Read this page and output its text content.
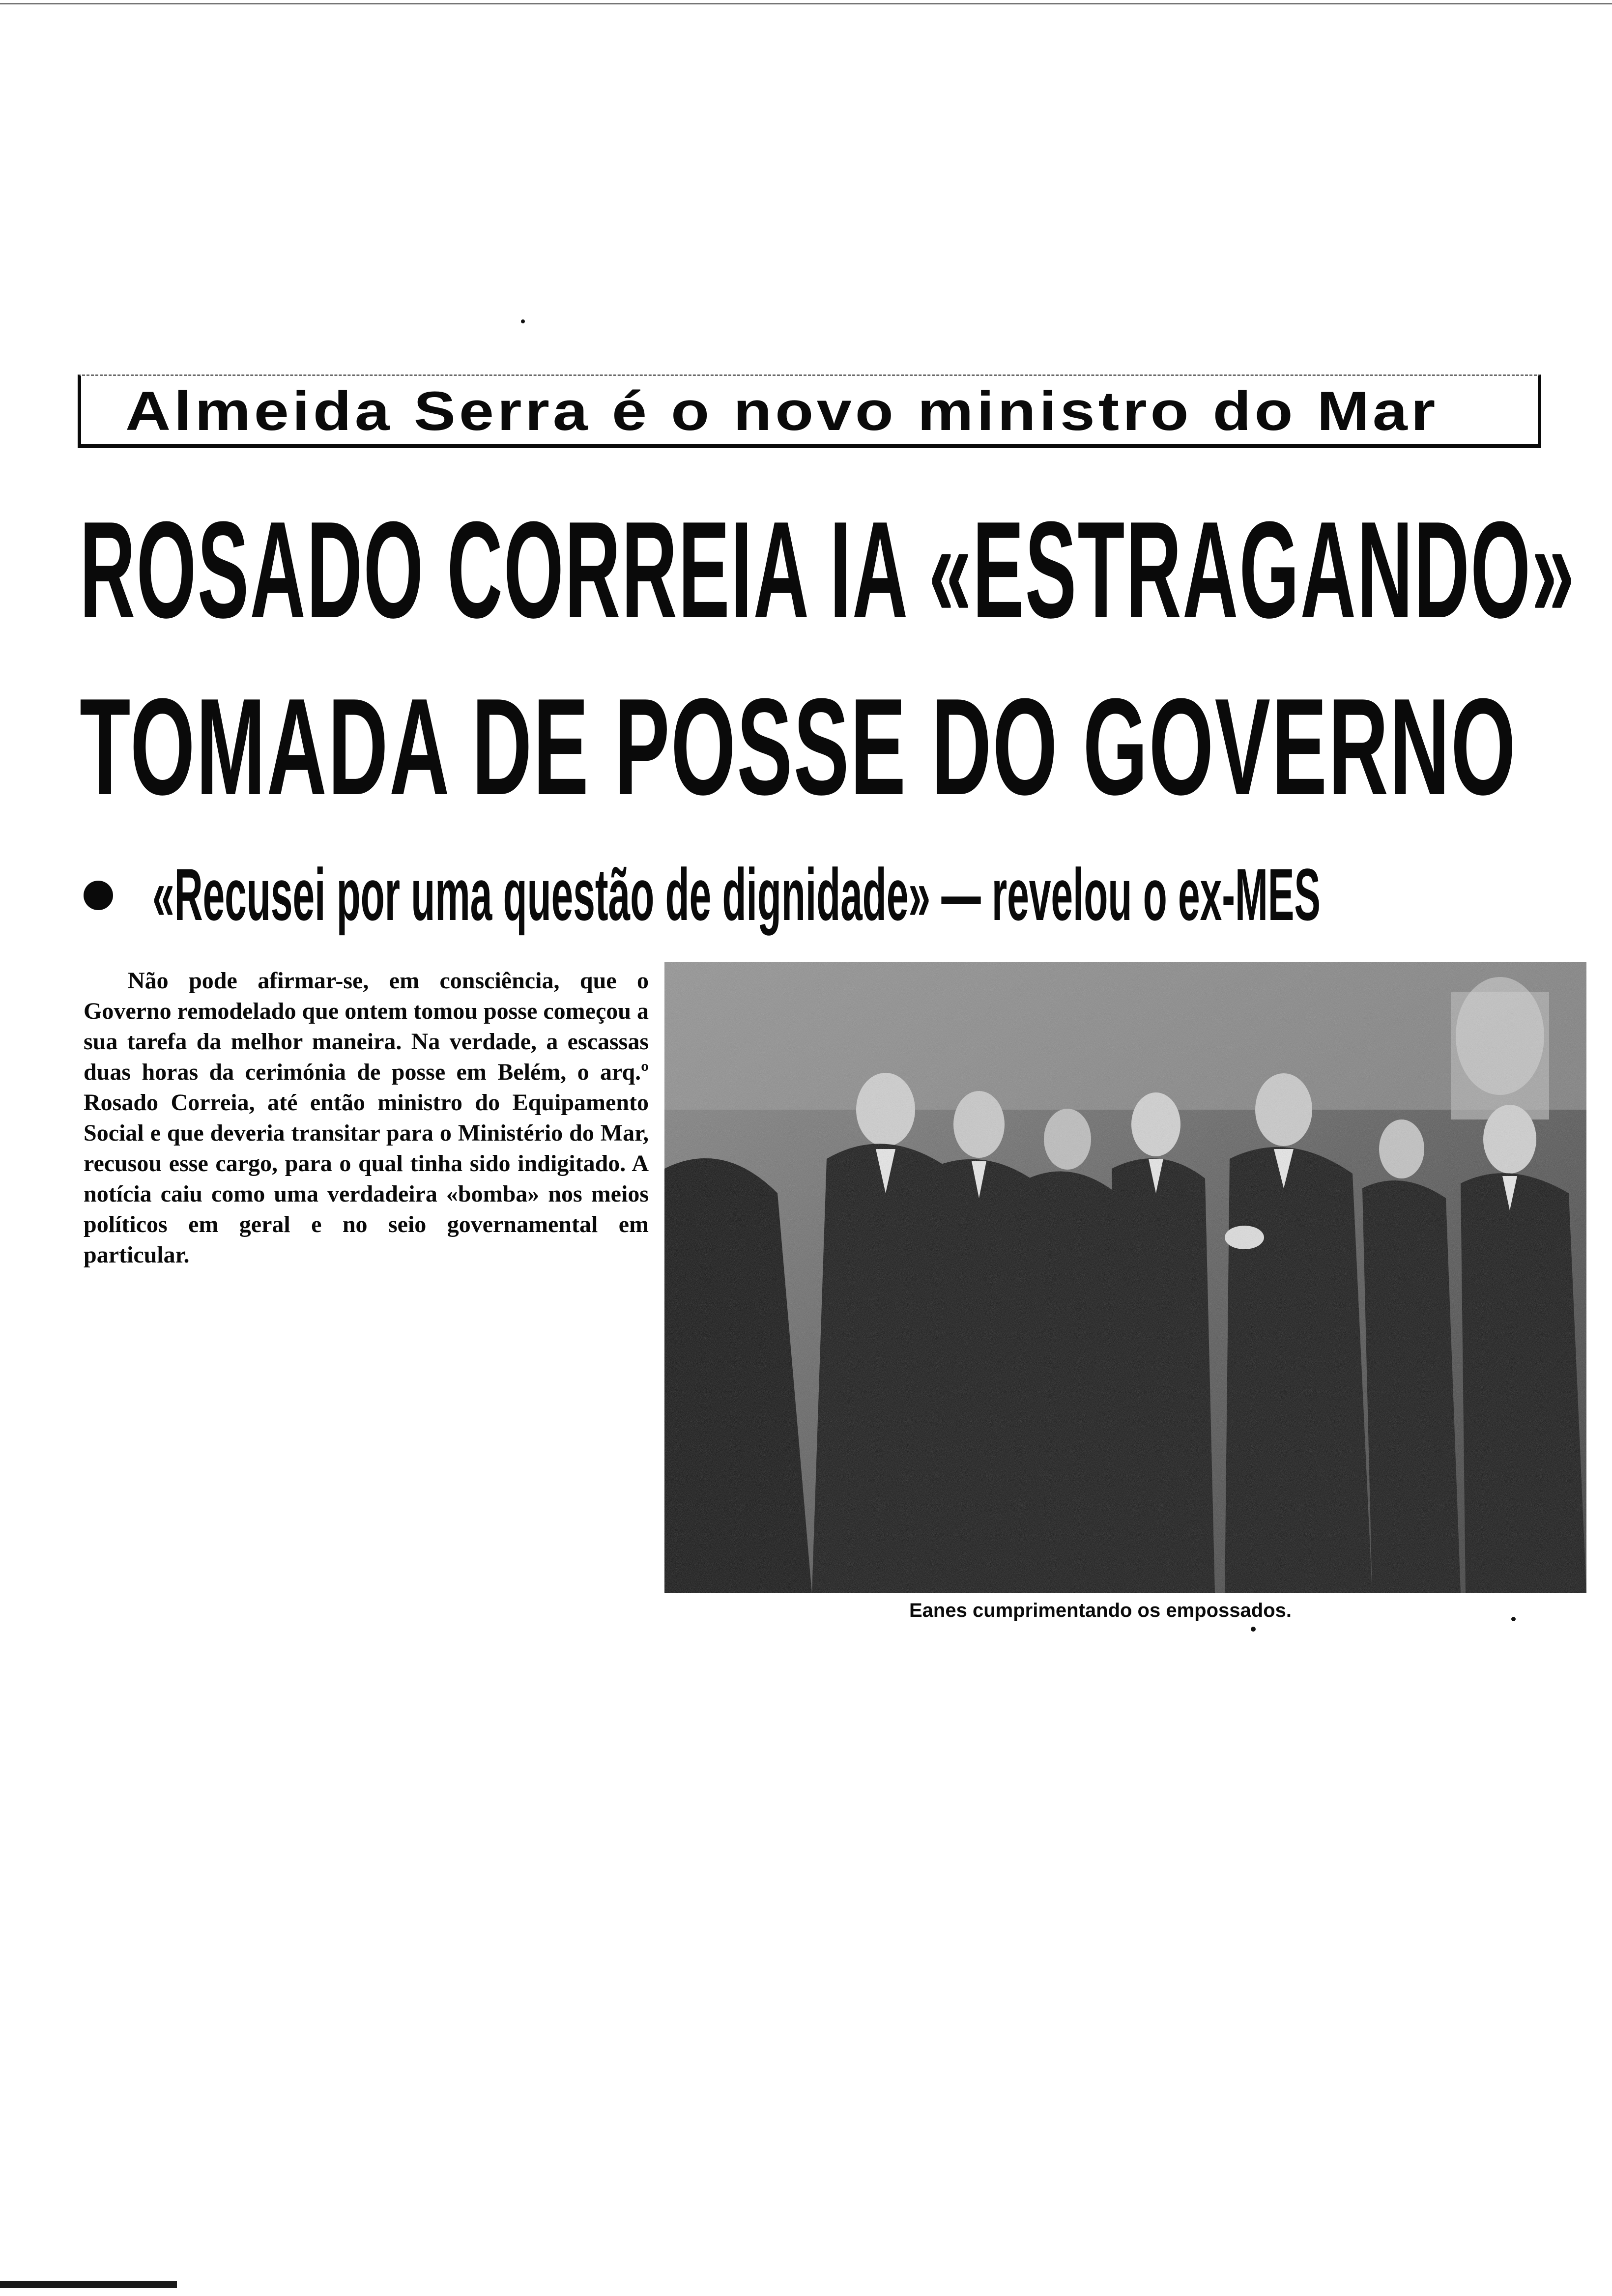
Almeida Serra é o novo ministro do Mar
ROSADO CORREIA IA «ESTRAGANDO»
TOMADA DE POSSE DO GOVERNO
«Recusei por uma questão de dignidade» — revelou o ex-MES

Não pode afirmar-se, em consciência, que o Governo remodelado que ontem tomou posse começou a sua tarefa da melhor maneira. Na verdade, a escassas duas horas da cerimónia de posse em Belém, o arq.º Rosado Correia, até então ministro do Equipamento Social e que deveria transitar para o Ministério do Mar, recusou esse cargo, para o qual tinha sido indigitado. A notícia caiu como uma verdadeira «bomba» nos meios políticos em geral e no seio governamental em particular.

Eanes cumprimentando os empossados.
